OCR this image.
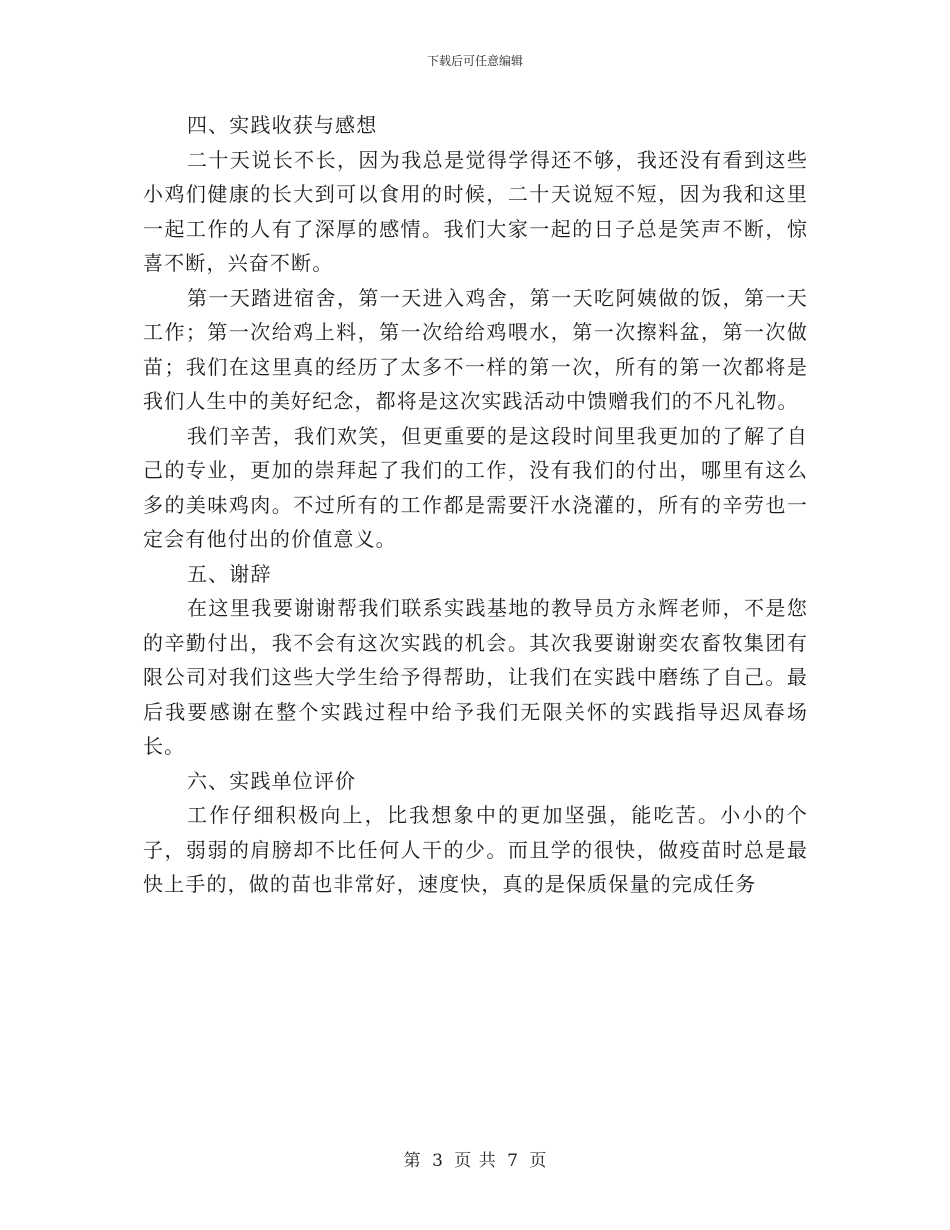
下载后可任意编辑

四、实践收获与感想

二十天说长不长，因为我总是觉得学得还不够，我还没有看到这些小鸡们健康的长大到可以食用的时候，二十天说短不短，因为我和这里一起工作的人有了深厚的感情。我们大家一起的日子总是笑声不断，惊喜不断，兴奋不断。

第一天踏进宿舍，第一天进入鸡舍，第一天吃阿姨做的饭，第一天工作；第一次给鸡上料，第一次给给鸡喂水，第一次擦料盆，第一次做苗；我们在这里真的经历了太多不一样的第一次，所有的第一次都将是我们人生中的美好纪念，都将是这次实践活动中馈赠我们的不凡礼物。

我们辛苦，我们欢笑，但更重要的是这段时间里我更加的了解了自己的专业，更加的崇拜起了我们的工作，没有我们的付出，哪里有这么多的美味鸡肉。不过所有的工作都是需要汗水浇灌的，所有的辛劳也一定会有他付出的价值意义。

五、谢辞

在这里我要谢谢帮我们联系实践基地的教导员方永辉老师，不是您的辛勤付出，我不会有这次实践的机会。其次我要谢谢奕农畜牧集团有限公司对我们这些大学生给予得帮助，让我们在实践中磨练了自己。最后我要感谢在整个实践过程中给予我们无限关怀的实践指导迟凤春场长。

六、实践单位评价

工作仔细积极向上，比我想象中的更加坚强，能吃苦。小小的个子，弱弱的肩膀却不比任何人干的少。而且学的很快，做疫苗时总是最快上手的，做的苗也非常好，速度快，真的是保质保量的完成任务

第 3 页 共 7 页
